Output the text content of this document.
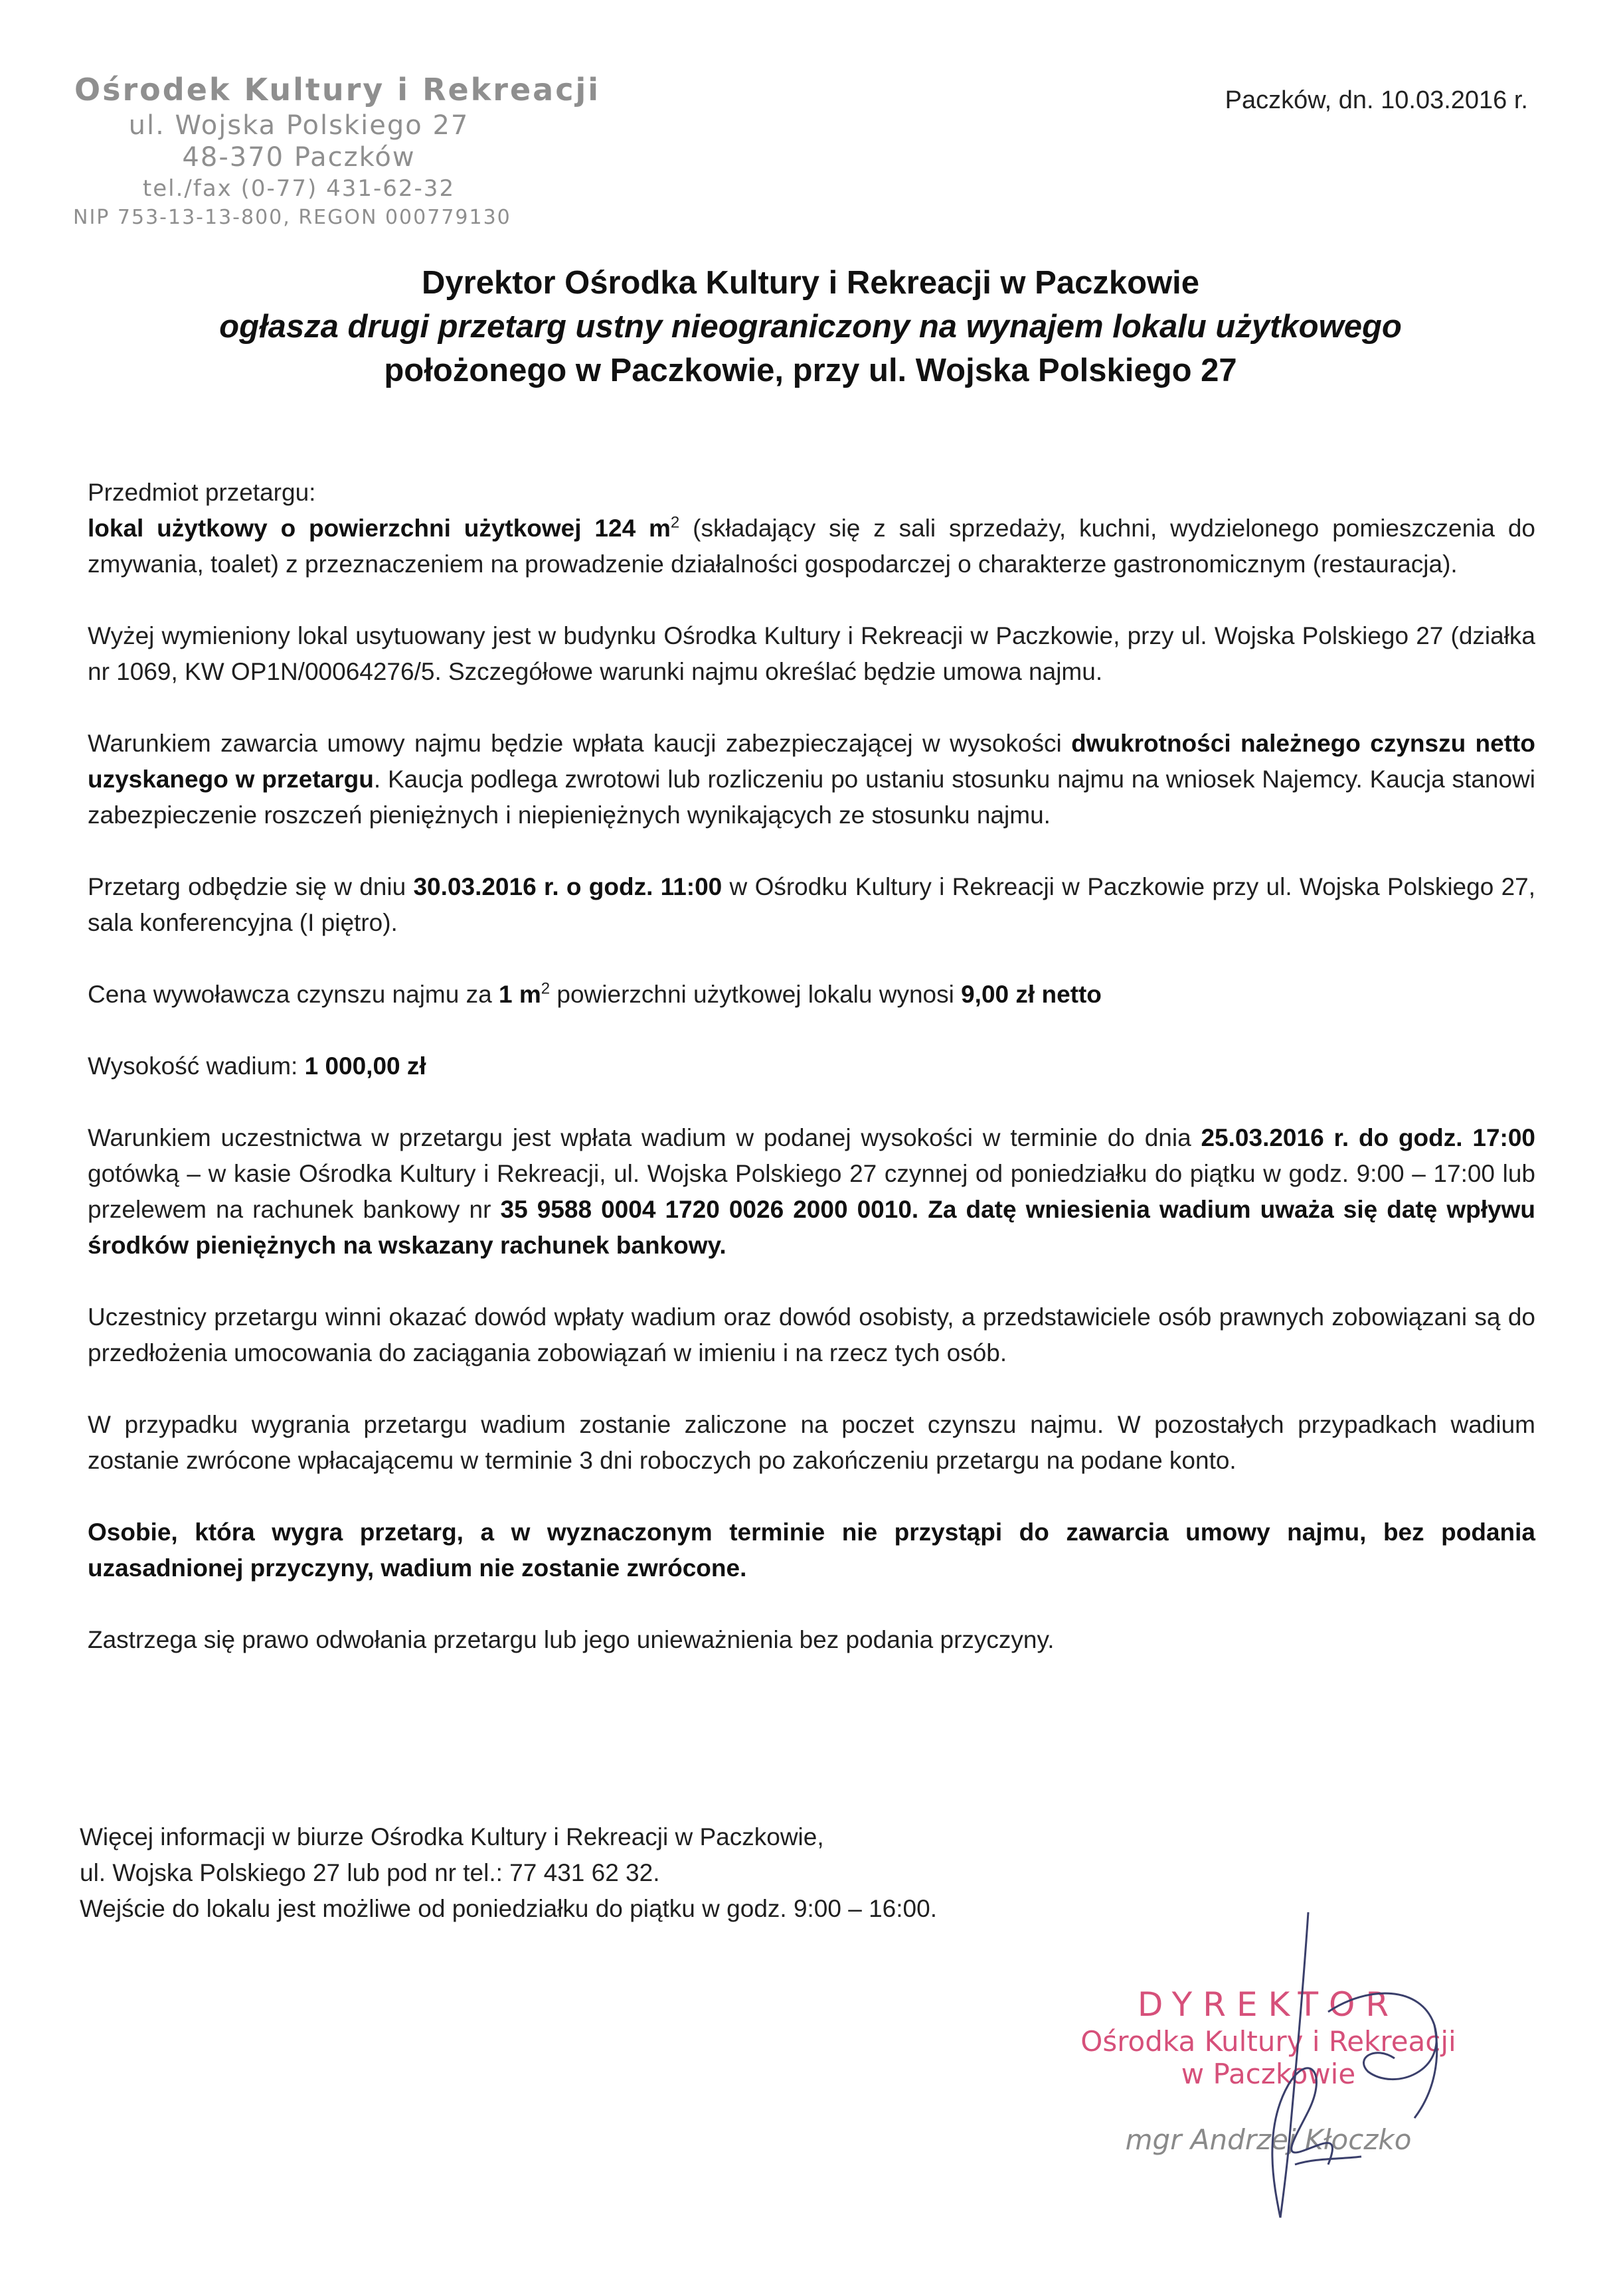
Ośrodek Kultury i Rekreacji
ul. Wojska Polskiego 27
48-370 Paczków
tel./fax (0-77) 431-62-32
NIP 753-13-13-800, REGON 000779130
Paczków, dn. 10.03.2016 r.
Dyrektor Ośrodka Kultury i Rekreacji w Paczkowie
ogłasza drugi przetarg ustny nieograniczony na wynajem lokalu użytkowego
położonego w Paczkowie, przy ul. Wojska Polskiego 27

Przedmiot przetargu:
lokal użytkowy o powierzchni użytkowej 124 $m^2$ (składający się z sali sprzedaży, kuchni, wydzielonego pomieszczenia do zmywania, toalet) z przeznaczeniem na prowadzenie działalności gospodarczej o charakterze gastronomicznym (restauracja).

Wyżej wymieniony lokal usytuowany jest w budynku Ośrodka Kultury i Rekreacji w Paczkowie, przy ul. Wojska Polskiego 27 (działka nr 1069, KW OP1N/00064276/5. Szczegółowe warunki najmu określać będzie umowa najmu.

Warunkiem zawarcia umowy najmu będzie wpłata kaucji zabezpieczającej w wysokości dwukrotności należnego czynszu netto uzyskanego w przetargu. Kaucja podlega zwrotowi lub rozliczeniu po ustaniu stosunku najmu na wniosek Najemcy. Kaucja stanowi zabezpieczenie roszczeń pieniężnych i niepieniężnych wynikających ze stosunku najmu.

Przetarg odbędzie się w dniu 30.03.2016 r. o godz. 11:00 w Ośrodku Kultury i Rekreacji w Paczkowie przy ul. Wojska Polskiego 27, sala konferencyjna (I piętro).

Cena wywoławcza czynszu najmu za 1 $m^2$ powierzchni użytkowej lokalu wynosi 9,00 zł netto

Wysokość wadium: 1 000,00 zł

Warunkiem uczestnictwa w przetargu jest wpłata wadium w podanej wysokości w terminie do dnia 25.03.2016 r. do godz. 17:00 gotówką – w kasie Ośrodka Kultury i Rekreacji, ul. Wojska Polskiego 27 czynnej od poniedziałku do piątku w godz. 9:00 – 17:00 lub przelewem na rachunek bankowy nr 35 9588 0004 1720 0026 2000 0010. Za datę wniesienia wadium uważa się datę wpływu środków pieniężnych na wskazany rachunek bankowy.

Uczestnicy przetargu winni okazać dowód wpłaty wadium oraz dowód osobisty, a przedstawiciele osób prawnych zobowiązani są do przedłożenia umocowania do zaciągania zobowiązań w imieniu i na rzecz tych osób.

W przypadku wygrania przetargu wadium zostanie zaliczone na poczet czynszu najmu. W pozostałych przypadkach wadium zostanie zwrócone wpłacającemu w terminie 3 dni roboczych po zakończeniu przetargu na podane konto.

Osobie, która wygra przetarg, a w wyznaczonym terminie nie przystąpi do zawarcia umowy najmu, bez podania uzasadnionej przyczyny, wadium nie zostanie zwrócone.

Zastrzega się prawo odwołania przetargu lub jego unieważnienia bez podania przyczyny.

Więcej informacji w biurze Ośrodka Kultury i Rekreacji w Paczkowie,
ul. Wojska Polskiego 27 lub pod nr tel.: 77 431 62 32.
Wejście do lokalu jest możliwe od poniedziałku do piątku w godz. 9:00 – 16:00.
DYREKTOR
Ośrodka Kultury i Rekreacji
w Paczkowie
mgr Andrzej Kłoczko
